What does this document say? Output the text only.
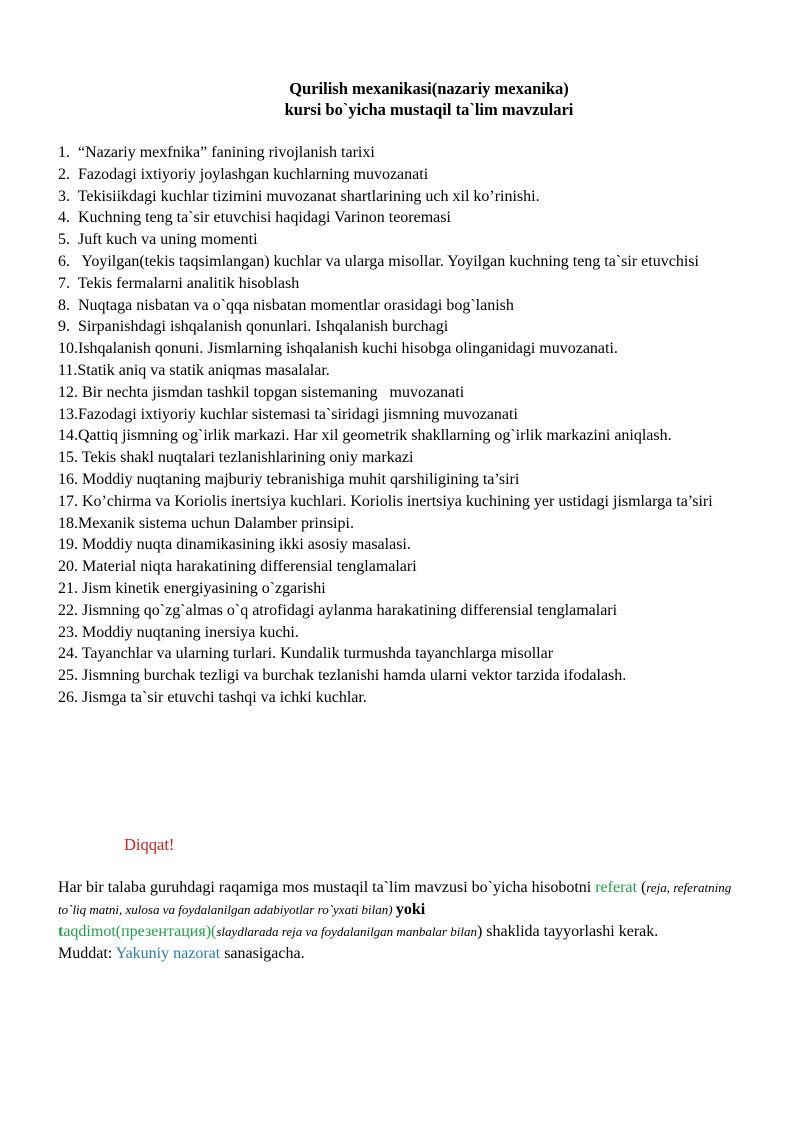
Qurilish mexanikasi(nazariy mexanika)
kursi bo`yicha mustaqil ta`lim mavzulari
1.  “Nazariy mexfnika” fanining rivojlanish tarixi
2.  Fazodagi ixtiyoriy joylashgan kuchlarning muvozanati
3.  Tekisiikdagi kuchlar tizimini muvozanat shartlarining uch xil ko’rinishi.
4.  Kuchning teng ta`sir etuvchisi haqidagi Varinon teoremasi
5.  Juft kuch va uning momenti
6.   Yoyilgan(tekis taqsimlangan) kuchlar va ularga misollar. Yoyilgan kuchning teng ta`sir etuvchisi
7.  Tekis fermalarni analitik hisoblash
8.  Nuqtaga nisbatan va o`qqa nisbatan momentlar orasidagi bog`lanish
9.  Sirpanishdagi ishqalanish qonunlari. Ishqalanish burchagi
10.Ishqalanish qonuni. Jismlarning ishqalanish kuchi hisobga olinganidagi muvozanati.
11.Statik aniq va statik aniqmas masalalar.
12. Bir nechta jismdan tashkil topgan sistemaning   muvozanati
13.Fazodagi ixtiyoriy kuchlar sistemasi ta`siridagi jismning muvozanati
14.Qattiq jismning og`irlik markazi. Har xil geometrik shakllarning og`irlik markazini aniqlash.
15. Tekis shakl nuqtalari tezlanishlarining oniy markazi
16. Moddiy nuqtaning majburiy tebranishiga muhit qarshiligining ta’siri
17. Ko’chirma va Koriolis inertsiya kuchlari. Koriolis inertsiya kuchining yer ustidagi jismlarga ta’siri
18.Mexanik sistema uchun Dalamber prinsipi.
19. Moddiy nuqta dinamikasining ikki asosiy masalasi.
20. Material niqta harakatining differensial tenglamalari
21. Jism kinetik energiyasining o`zgarishi
22. Jismning qo`zg`almas o`q atrofidagi aylanma harakatining differensial tenglamalari
23. Moddiy nuqtaning inersiya kuchi.
24. Tayanchlar va ularning turlari. Kundalik turmushda tayanchlarga misollar
25. Jismning burchak tezligi va burchak tezlanishi hamda ularni vektor tarzida ifodalash.
26. Jismga ta`sir etuvchi tashqi va ichki kuchlar.
Diqqat!
Har bir talaba guruhdagi raqamiga mos mustaqil ta`lim mavzusi bo`yicha hisobotni referat (reja, referatning to`liq matni, xulosa va foydalanilgan adabiyotlar ro`yxati bilan) yoki
taqdimot(презентация)(slaydlarada reja va foydalanilgan manbalar bilan) shaklida tayyorlashi kerak.
Muddat: Yakuniy nazorat sanasigacha.
